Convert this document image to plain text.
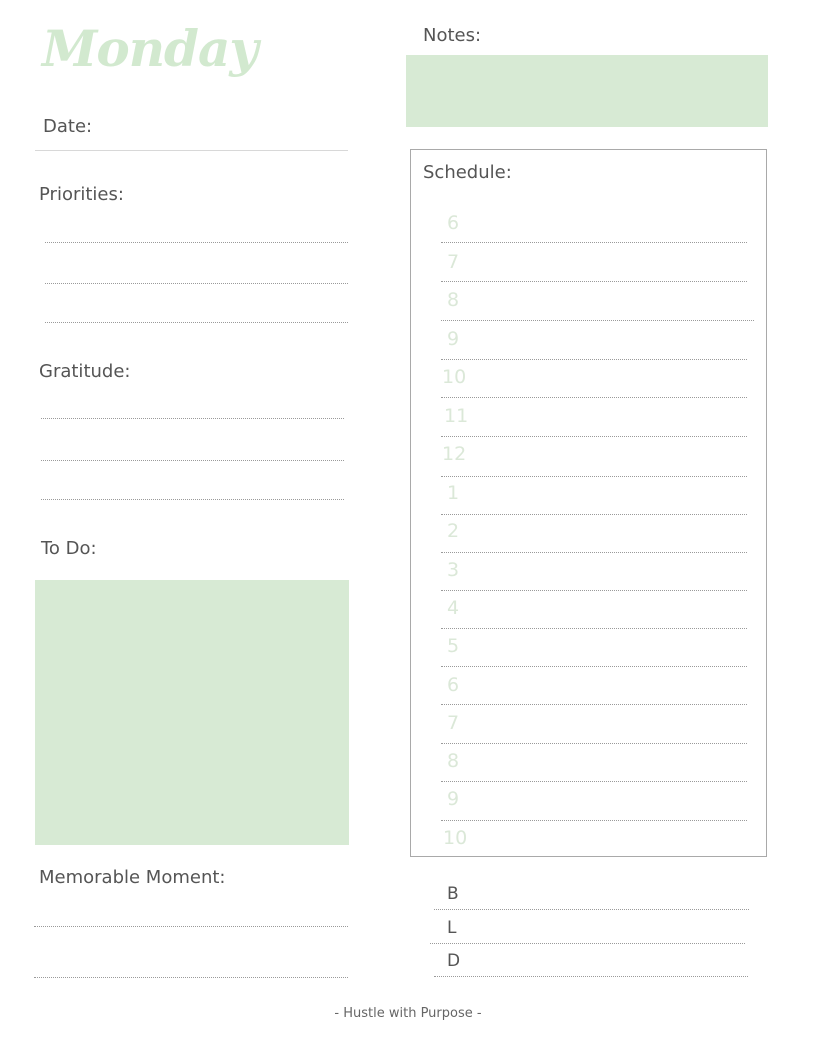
Monday
Date:
Priorities:
Gratitude:
To Do:
Memorable Moment:
Notes:
Schedule:
6
7
8
9
10
11
12
1
2
3
4
5
6
7
8
9
10
B
L
D
- Hustle with Purpose -
